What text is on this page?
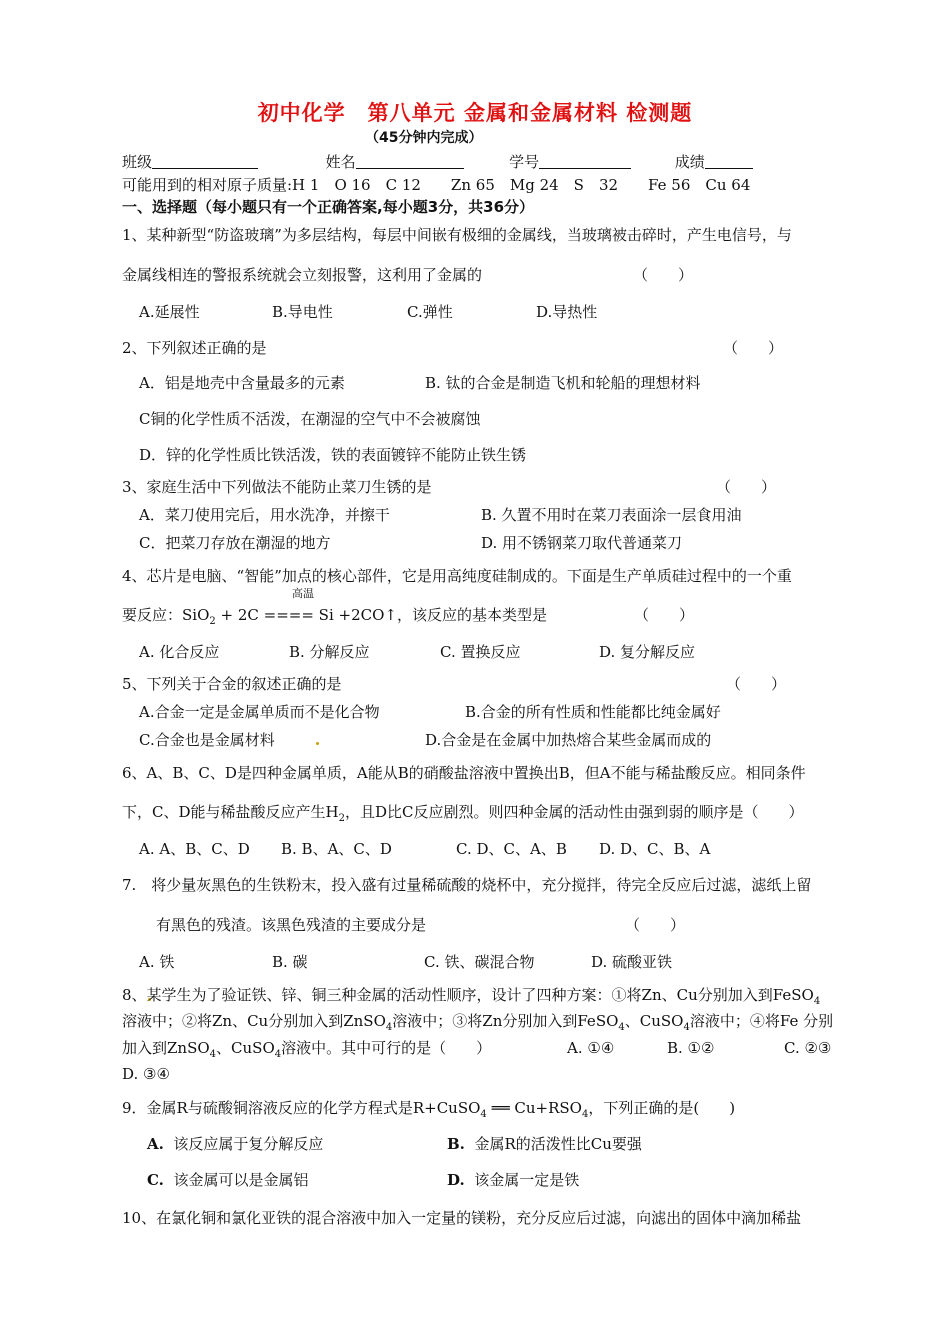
初中化学　第八单元 金属和金属材料 检测题
（45分钟内完成）
班级	姓名	学号	成绩
可能用到的相对原子质量:H 1　O 16　C 12　　Zn 65　Mg 24　S　32　　Fe 56　Cu 64
一、选择题（每小题只有一个正确答案,每小题3分，共36分）
1、某种新型“防盗玻璃”为多层结构，每层中间嵌有极细的金属线，当玻璃被击碎时，产生电信号，与
金属线相连的警报系统就会立刻报警，这利用了金属的	（　　）
A.延展性	B.导电性	C.弹性	D.导热性
2、下列叙述正确的是	（　　）
A．铝是地壳中含量最多的元素	B. 钛的合金是制造飞机和轮船的理想材料
C铜的化学性质不活泼，在潮湿的空气中不会被腐蚀
D．锌的化学性质比铁活泼，铁的表面镀锌不能防止铁生锈
3、家庭生活中下列做法不能防止菜刀生锈的是	（　　）
A．菜刀使用完后，用水洗净，并擦干	B. 久置不用时在菜刀表面涂一层食用油
C．把菜刀存放在潮湿的地方	D. 用不锈钢菜刀取代普通菜刀
4、芯片是电脑、“智能”加点的核心部件，它是用高纯度硅制成的。下面是生产单质硅过程中的一个重
高温
要反应：SiO$_2$ + 2C ==== Si +2CO↑，该反应的基本类型是	（　　）
A. 化合反应	B. 分解反应	C. 置换反应	D. 复分解反应
5、下列关于合金的叙述正确的是	（　　）
A.合金一定是金属单质而不是化合物	B.合金的所有性质和性能都比纯金属好
C.合金也是金属材料	D.合金是在金属中加热熔合某些金属而成的
6、A、B、C、D是四种金属单质，A能从B的硝酸盐溶液中置换出B，但A不能与稀盐酸反应。相同条件
下，C、D能与稀盐酸反应产生$H_2$，且D比C反应剧烈。则四种金属的活动性由强到弱的顺序是（　　）
A. A、B、C、D B. B、A、C、D	C. D、C、A、B D. D、C、B、A
7.　将少量灰黑色的生铁粉末，投入盛有过量稀硫酸的烧杯中，充分搅拌，待完全反应后过滤，滤纸上留
有黑色的残渣。该黑色残渣的主要成分是	（　　）
A. 铁	B. 碳	C. 铁、碳混合物	D. 硫酸亚铁
8、某学生为了验证铁、锌、铜三种金属的活动性顺序，设计了四种方案：①将Zn、Cu分别加入到FeSO$_4$
溶液中；②将Zn、Cu分别加入到ZnSO$_4$溶液中；③将Zn分别加入到FeSO$_4$、CuSO$_4$溶液中；④将Fe 分别
加入到ZnSO$_4$、CuSO$_4$溶液中。其中可行的是（　　）	A. ①④	B. ①②	C. ②③
D. ③④
9．金属R与硫酸铜溶液反应的化学方程式是R+CuSO$_4$ ══ $Cu+RSO_4$，下列正确的是(　　)
A. 该反应属于复分解反应	B. 金属R的活泼性比Cu要强
C. 该金属可以是金属铝	D. 该金属一定是铁
10、在氯化铜和氯化亚铁的混合溶液中加入一定量的镁粉，充分反应后过滤，向滤出的固体中滴加稀盐
